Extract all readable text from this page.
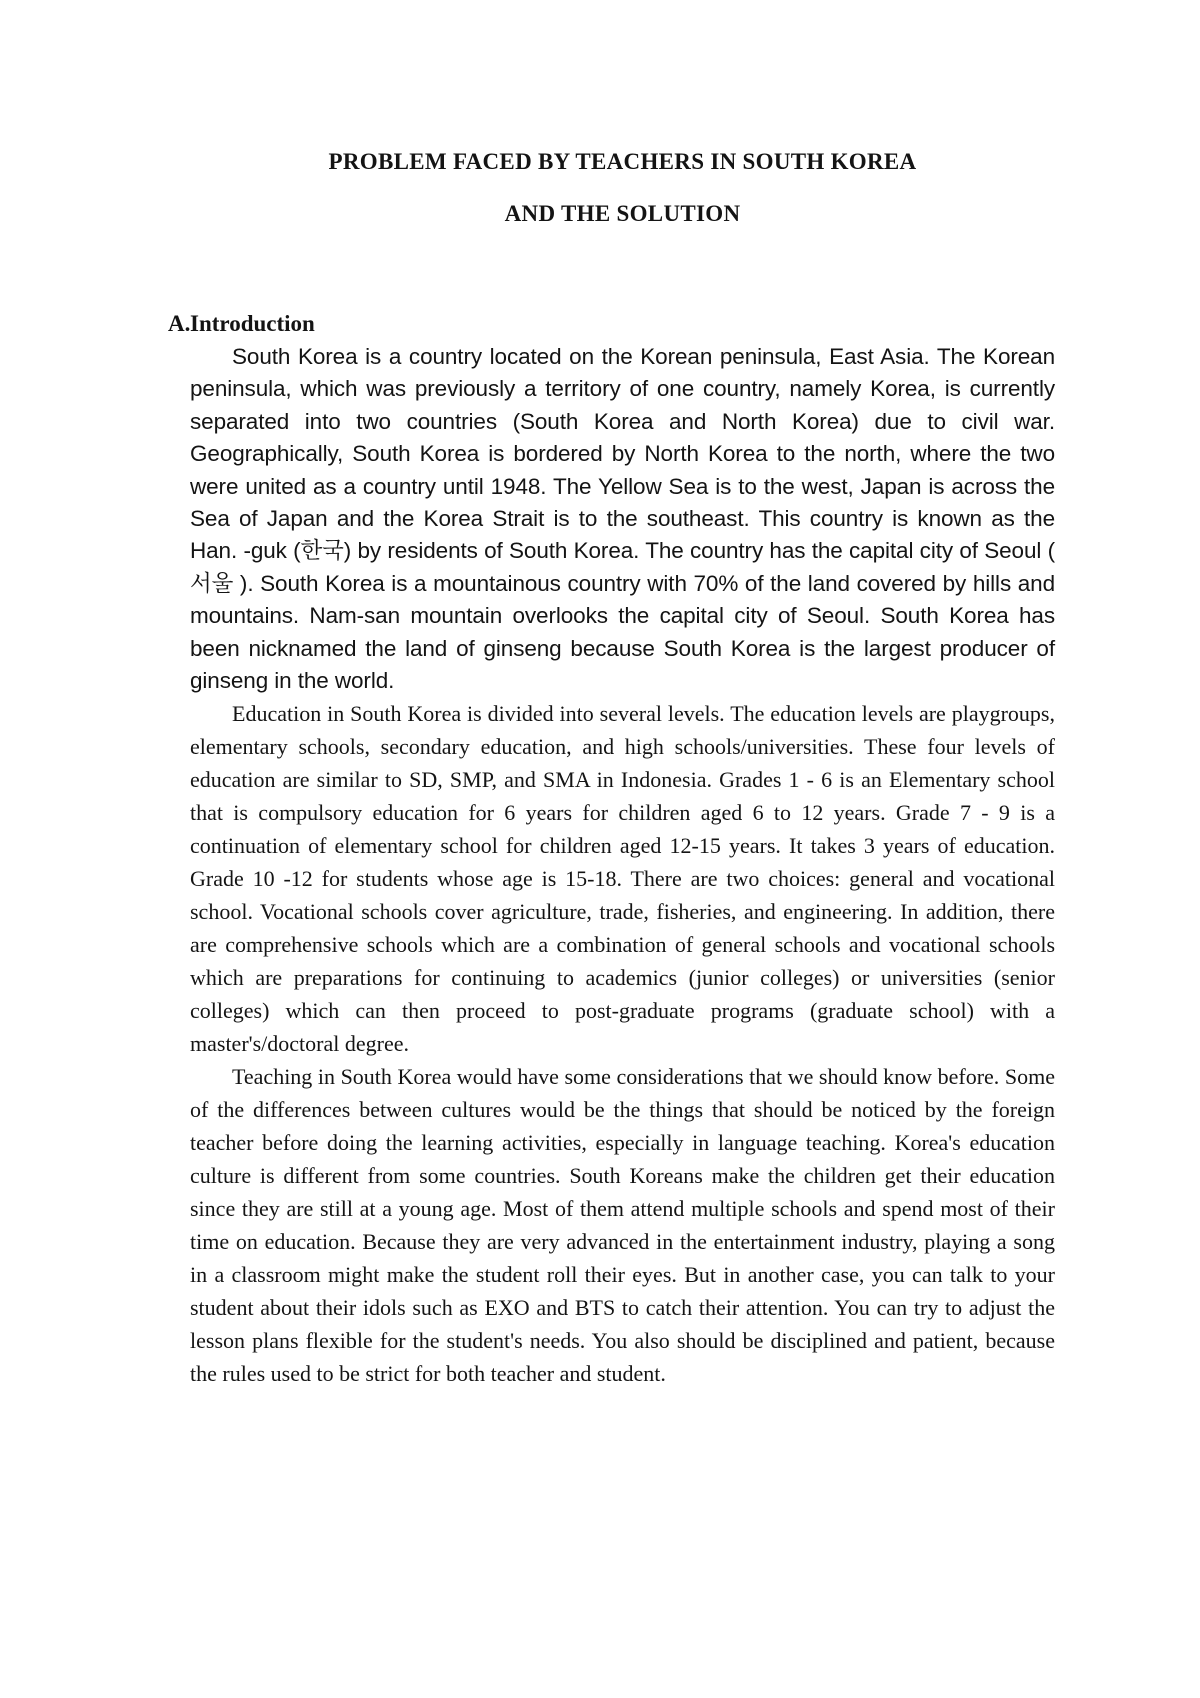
PROBLEM FACED BY TEACHERS IN SOUTH KOREA
AND THE SOLUTION
A.Introduction

South Korea is a country located on the Korean peninsula, East Asia. The Korean peninsula, which was previously a territory of one country, namely Korea, is currently separated into two countries (South Korea and North Korea) due to civil war. Geographically, South Korea is bordered by North Korea to the north, where the two were united as a country until 1948. The Yellow Sea is to the west, Japan is across the Sea of Japan and the Korea Strait is to the southeast. This country is known as the Han. -guk (한국) by residents of South Korea. The country has the capital city of Seoul ( 서울 ). South Korea is a mountainous country with 70% of the land covered by hills and mountains. Nam-san mountain overlooks the capital city of Seoul. South Korea has been nicknamed the land of ginseng because South Korea is the largest producer of ginseng in the world.

Education in South Korea is divided into several levels. The education levels are playgroups, elementary schools, secondary education, and high schools/universities. These four levels of education are similar to SD, SMP, and SMA in Indonesia. Grades 1 - 6 is an Elementary school that is compulsory education for 6 years for children aged 6 to 12 years. Grade 7 - 9 is a continuation of elementary school for children aged 12-15 years. It takes 3 years of education. Grade 10 -12 for students whose age is 15-18. There are two choices: general and vocational school. Vocational schools cover agriculture, trade, fisheries, and engineering. In addition, there are comprehensive schools which are a combination of general schools and vocational schools which are preparations for continuing to academics (junior colleges) or universities (senior colleges) which can then proceed to post-graduate programs (graduate school) with a master's/doctoral degree.

Teaching in South Korea would have some considerations that we should know before. Some of the differences between cultures would be the things that should be noticed by the foreign teacher before doing the learning activities, especially in language teaching. Korea's education culture is different from some countries. South Koreans make the children get their education since they are still at a young age. Most of them attend multiple schools and spend most of their time on education. Because they are very advanced in the entertainment industry, playing a song in a classroom might make the student roll their eyes. But in another case, you can talk to your student about their idols such as EXO and BTS to catch their attention. You can try to adjust the lesson plans flexible for the student's needs. You also should be disciplined and patient, because the rules used to be strict for both teacher and student.
